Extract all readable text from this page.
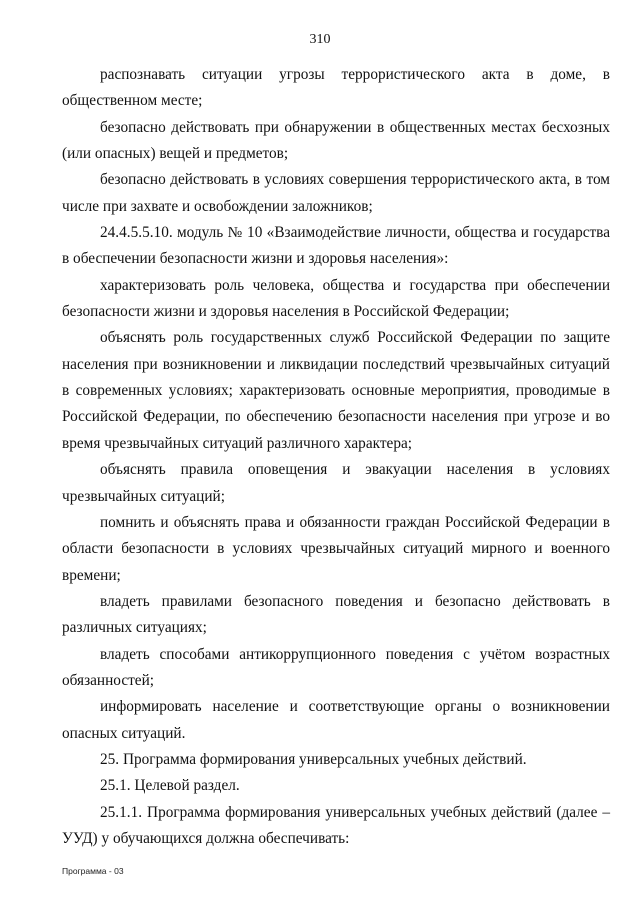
310

распознавать ситуации угрозы террористического акта в доме, в общественном месте;

безопасно действовать при обнаружении в общественных местах бесхозных (или опасных) вещей и предметов;

безопасно действовать в условиях совершения террористического акта, в том числе при захвате и освобождении заложников;

24.4.5.5.10. модуль № 10 «Взаимодействие личности, общества и государства в обеспечении безопасности жизни и здоровья населения»:

характеризовать роль человека, общества и государства при обеспечении безопасности жизни и здоровья населения в Российской Федерации;

объяснять роль государственных служб Российской Федерации по защите населения при возникновении и ликвидации последствий чрезвычайных ситуаций в современных условиях; характеризовать основные мероприятия, проводимые в Российской Федерации, по обеспечению безопасности населения при угрозе и во время чрезвычайных ситуаций различного характера;

объяснять правила оповещения и эвакуации населения в условиях чрезвычайных ситуаций;

помнить и объяснять права и обязанности граждан Российской Федерации в области безопасности в условиях чрезвычайных ситуаций мирного и военного времени;

владеть правилами безопасного поведения и безопасно действовать в различных ситуациях;

владеть способами антикоррупционного поведения с учётом возрастных обязанностей;

информировать население и соответствующие органы о возникновении опасных ситуаций.

25. Программа формирования универсальных учебных действий.

25.1. Целевой раздел.

25.1.1. Программа формирования универсальных учебных действий (далее – УУД) у обучающихся должна обеспечивать:

Программа - 03
